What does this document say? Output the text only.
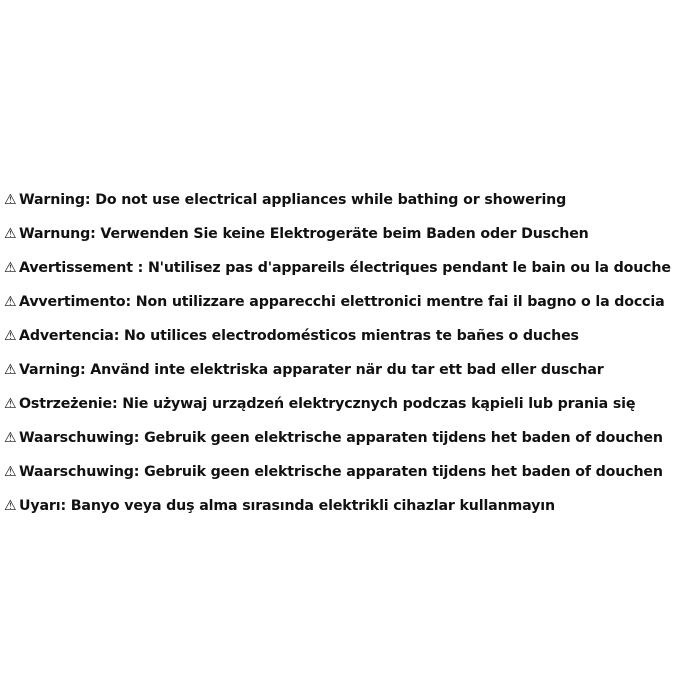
⚠ Warning: Do not use electrical appliances while bathing or showering
⚠ Warnung: Verwenden Sie keine Elektrogeräte beim Baden oder Duschen
⚠ Avertissement : N'utilisez pas d'appareils électriques pendant le bain ou la douche
⚠ Avvertimento: Non utilizzare apparecchi elettronici mentre fai il bagno o la doccia
⚠ Advertencia: No utilices electrodomésticos mientras te bañes o duches
⚠ Varning: Använd inte elektriska apparater när du tar ett bad eller duschar
⚠ Ostrzeżenie: Nie używaj urządzeń elektrycznych podczas kąpieli lub prania się
⚠ Waarschuwing: Gebruik geen elektrische apparaten tijdens het baden of douchen
⚠ Waarschuwing: Gebruik geen elektrische apparaten tijdens het baden of douchen
⚠ Uyarı: Banyo veya duş alma sırasında elektrikli cihazlar kullanmayın
